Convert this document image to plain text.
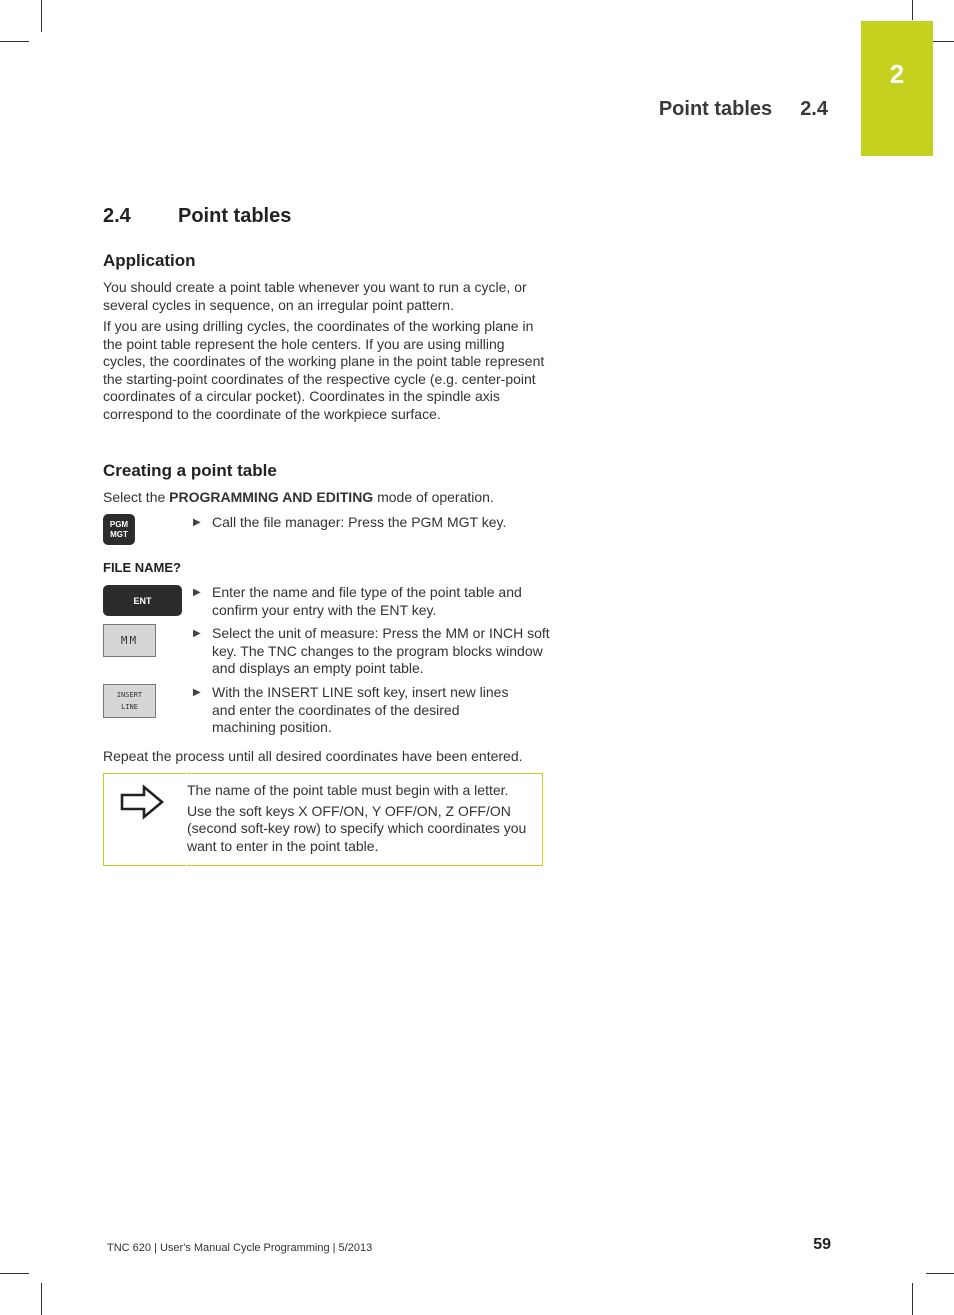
2
Point tables 2.4
2.4 Point tables
Application

You should create a point table whenever you want to run a cycle, or several cycles in sequence, on an irregular point pattern.

If you are using drilling cycles, the coordinates of the working plane in the point table represent the hole centers. If you are using milling cycles, the coordinates of the working plane in the point table represent the starting-point coordinates of the respective cycle (e.g. center-point coordinates of a circular pocket). Coordinates in the spindle axis correspond to the coordinate of the workpiece surface.

Creating a point table

Select the PROGRAMMING AND EDITING mode of operation.

PGM
MGT
▶ Call the file manager: Press the PGM MGT key.
FILE NAME?
ENT
▶ Enter the name and file type of the point table and confirm your entry with the ENT key.
MM
▶ Select the unit of measure: Press the MM or INCH soft key. The TNC changes to the program blocks window and displays an empty point table.
INSERT
LINE
▶ With the INSERT LINE soft key, insert new lines and enter the coordinates of the desired machining position.

Repeat the process until all desired coordinates have been entered.

The name of the point table must begin with a letter.

Use the soft keys X OFF/ON, Y OFF/ON, Z OFF/ON (second soft-key row) to specify which coordinates you want to enter in the point table.

TNC 620 | User's Manual Cycle Programming | 5/2013	59
